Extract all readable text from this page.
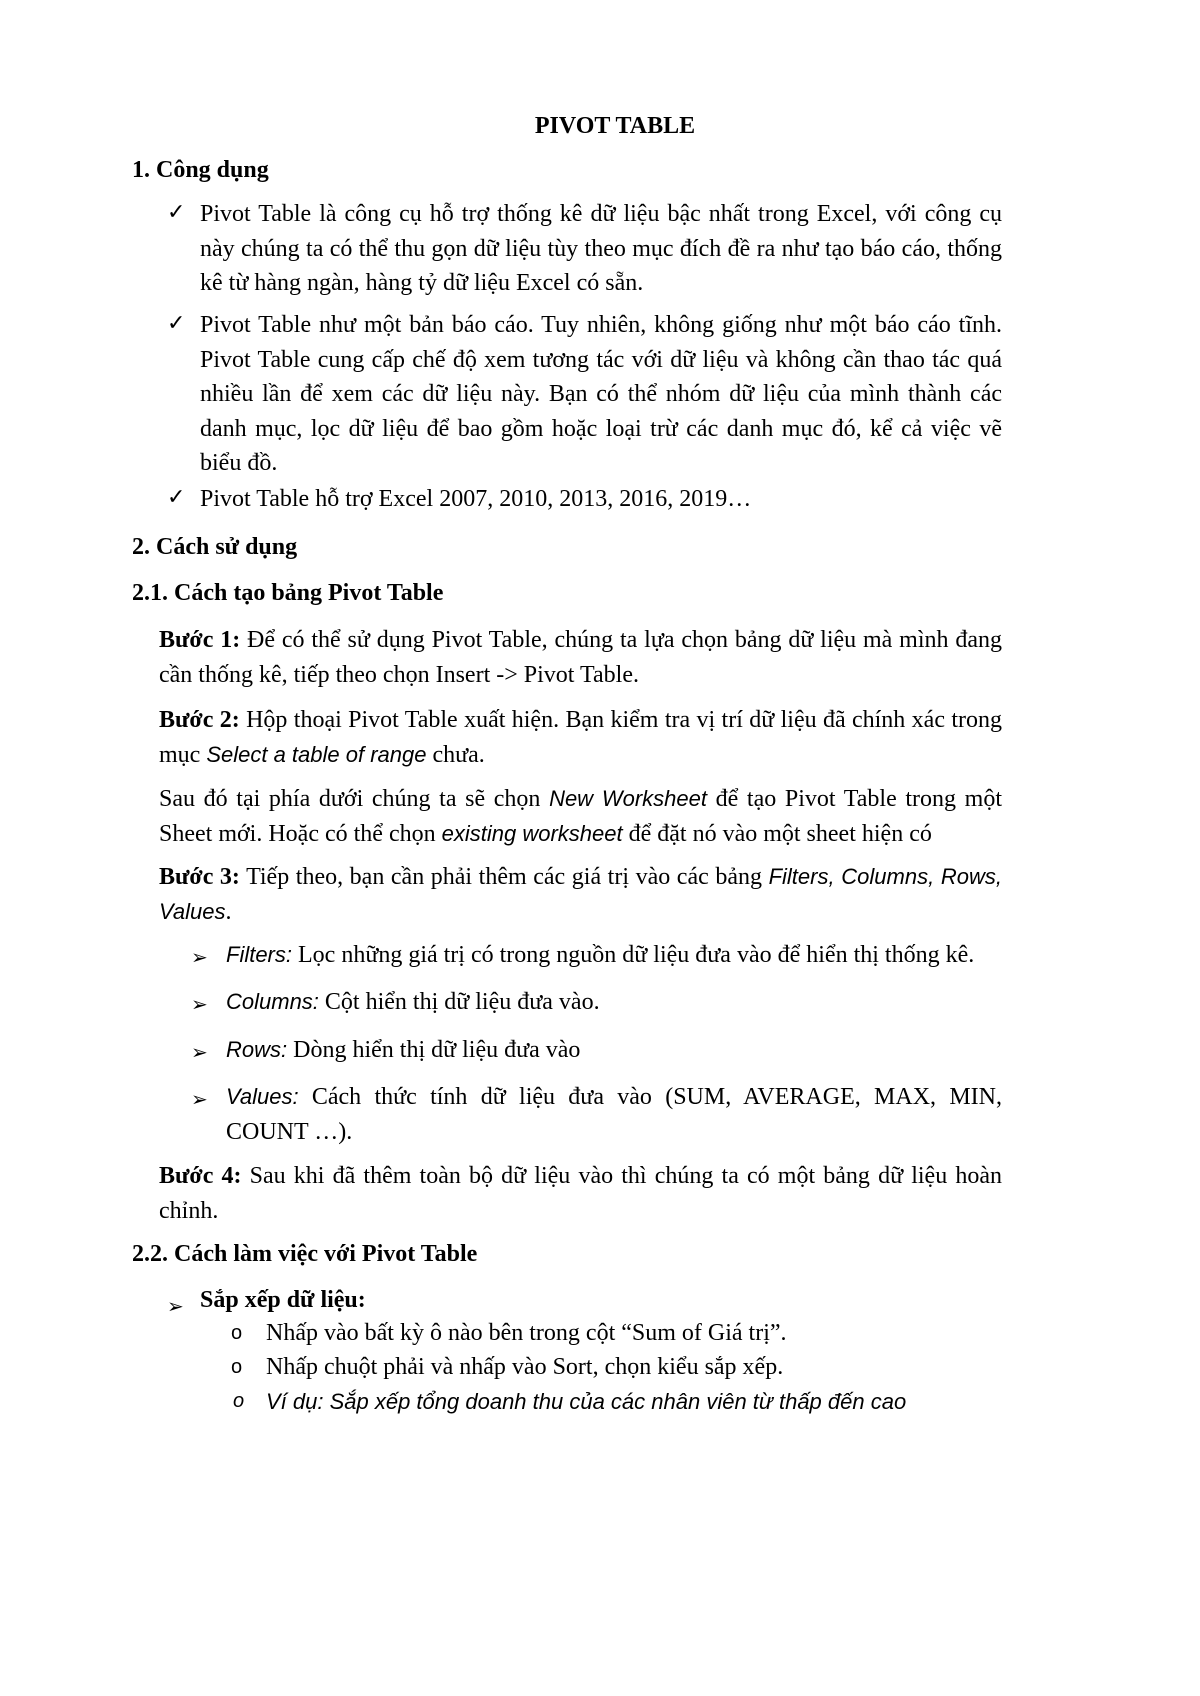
PIVOT TABLE
1. Công dụng
✓ Pivot Table là công cụ hỗ trợ thống kê dữ liệu bậc nhất trong Excel, với công cụ này chúng ta có thể thu gọn dữ liệu tùy theo mục đích đề ra như tạo báo cáo, thống kê từ hàng ngàn, hàng tỷ dữ liệu Excel có sẵn.
✓ Pivot Table như một bản báo cáo. Tuy nhiên, không giống như một báo cáo tĩnh. Pivot Table cung cấp chế độ xem tương tác với dữ liệu và không cần thao tác quá nhiều lần để xem các dữ liệu này. Bạn có thể nhóm dữ liệu của mình thành các danh mục, lọc dữ liệu để bao gồm hoặc loại trừ các danh mục đó, kể cả việc vẽ biểu đồ.
✓ Pivot Table hỗ trợ Excel 2007, 2010, 2013, 2016, 2019…
2. Cách sử dụng
2.1. Cách tạo bảng Pivot Table
Bước 1: Để có thể sử dụng Pivot Table, chúng ta lựa chọn bảng dữ liệu mà mình đang cần thống kê, tiếp theo chọn Insert -> Pivot Table.
Bước 2: Hộp thoại Pivot Table xuất hiện. Bạn kiểm tra vị trí dữ liệu đã chính xác trong mục Select a table of range chưa.
Sau đó tại phía dưới chúng ta sẽ chọn New Worksheet để tạo Pivot Table trong một Sheet mới. Hoặc có thể chọn existing worksheet để đặt nó vào một sheet hiện có
Bước 3: Tiếp theo, bạn cần phải thêm các giá trị vào các bảng Filters, Columns, Rows, Values.
➢ Filters: Lọc những giá trị có trong nguồn dữ liệu đưa vào để hiển thị thống kê.
➢ Columns: Cột hiển thị dữ liệu đưa vào.
➢ Rows: Dòng hiển thị dữ liệu đưa vào
➢ Values: Cách thức tính dữ liệu đưa vào (SUM, AVERAGE, MAX, MIN, COUNT …).
Bước 4: Sau khi đã thêm toàn bộ dữ liệu vào thì chúng ta có một bảng dữ liệu hoàn chỉnh.
2.2. Cách làm việc với Pivot Table
➢ Sắp xếp dữ liệu:
o Nhấp vào bất kỳ ô nào bên trong cột “Sum of Giá trị”.
o Nhấp chuột phải và nhấp vào Sort, chọn kiểu sắp xếp.
o Ví dụ: Sắp xếp tổng doanh thu của các nhân viên từ thấp đến cao
